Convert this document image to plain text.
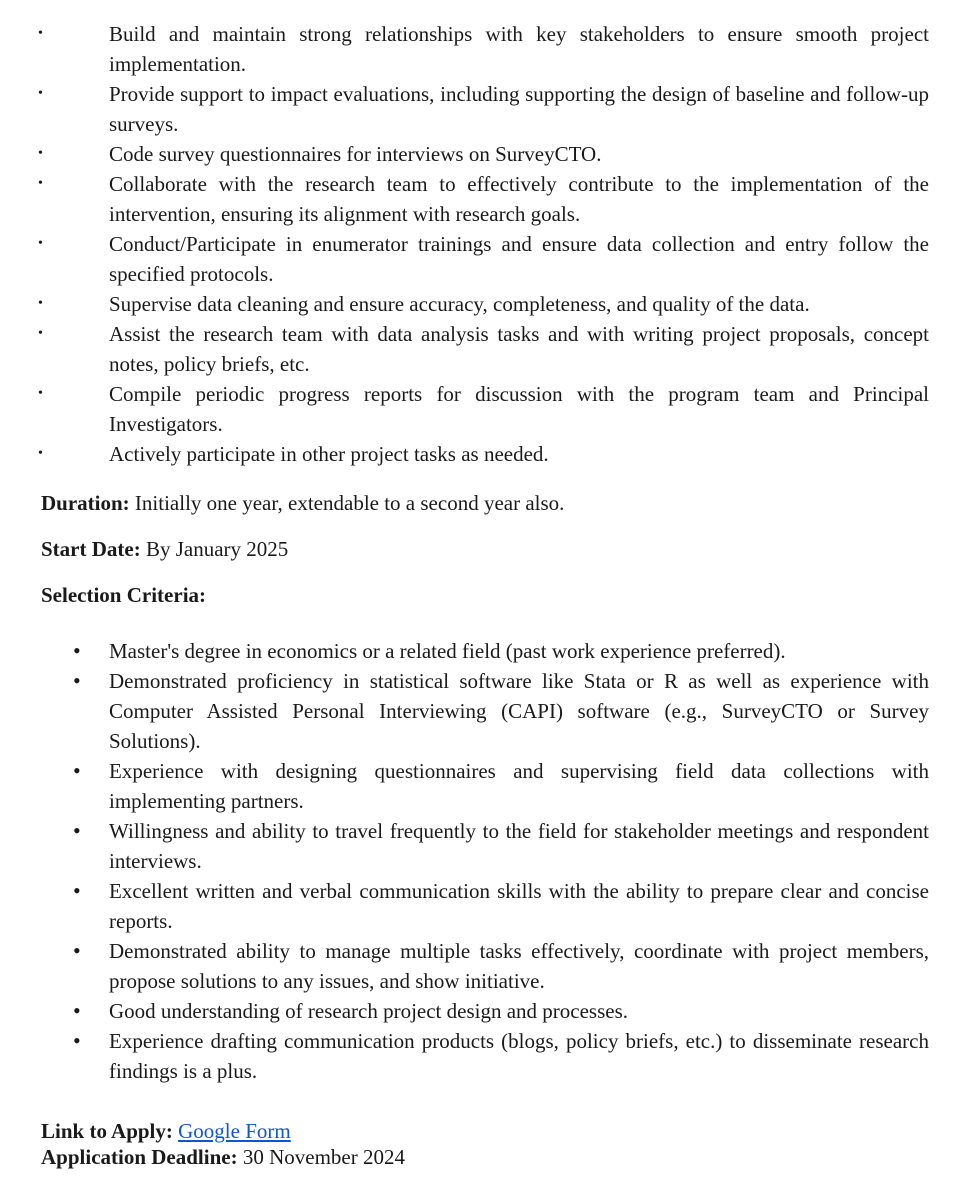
•	Build and maintain strong relationships with key stakeholders to ensure smooth project implementation.
•	Provide support to impact evaluations, including supporting the design of baseline and follow-up surveys.
•	Code survey questionnaires for interviews on SurveyCTO.
•	Collaborate with the research team to effectively contribute to the implementation of the intervention, ensuring its alignment with research goals.
•	Conduct/Participate in enumerator trainings and ensure data collection and entry follow the specified protocols.
•	Supervise data cleaning and ensure accuracy, completeness, and quality of the data.
•	Assist the research team with data analysis tasks and with writing project proposals, concept notes, policy briefs, etc.
•	Compile periodic progress reports for discussion with the program team and Principal Investigators.
•	Actively participate in other project tasks as needed.

Duration: Initially one year, extendable to a second year also.

Start Date: By January 2025

Selection Criteria:

• Master's degree in economics or a related field (past work experience preferred).
• Demonstrated proficiency in statistical software like Stata or R as well as experience with Computer Assisted Personal Interviewing (CAPI) software (e.g., SurveyCTO or Survey Solutions).
• Experience with designing questionnaires and supervising field data collections with implementing partners.
• Willingness and ability to travel frequently to the field for stakeholder meetings and respondent interviews.
• Excellent written and verbal communication skills with the ability to prepare clear and concise reports.
• Demonstrated ability to manage multiple tasks effectively, coordinate with project members, propose solutions to any issues, and show initiative.
• Good understanding of research project design and processes.
• Experience drafting communication products (blogs, policy briefs, etc.) to disseminate research findings is a plus.

Link to Apply: Google Form

Application Deadline: 30 November 2024
